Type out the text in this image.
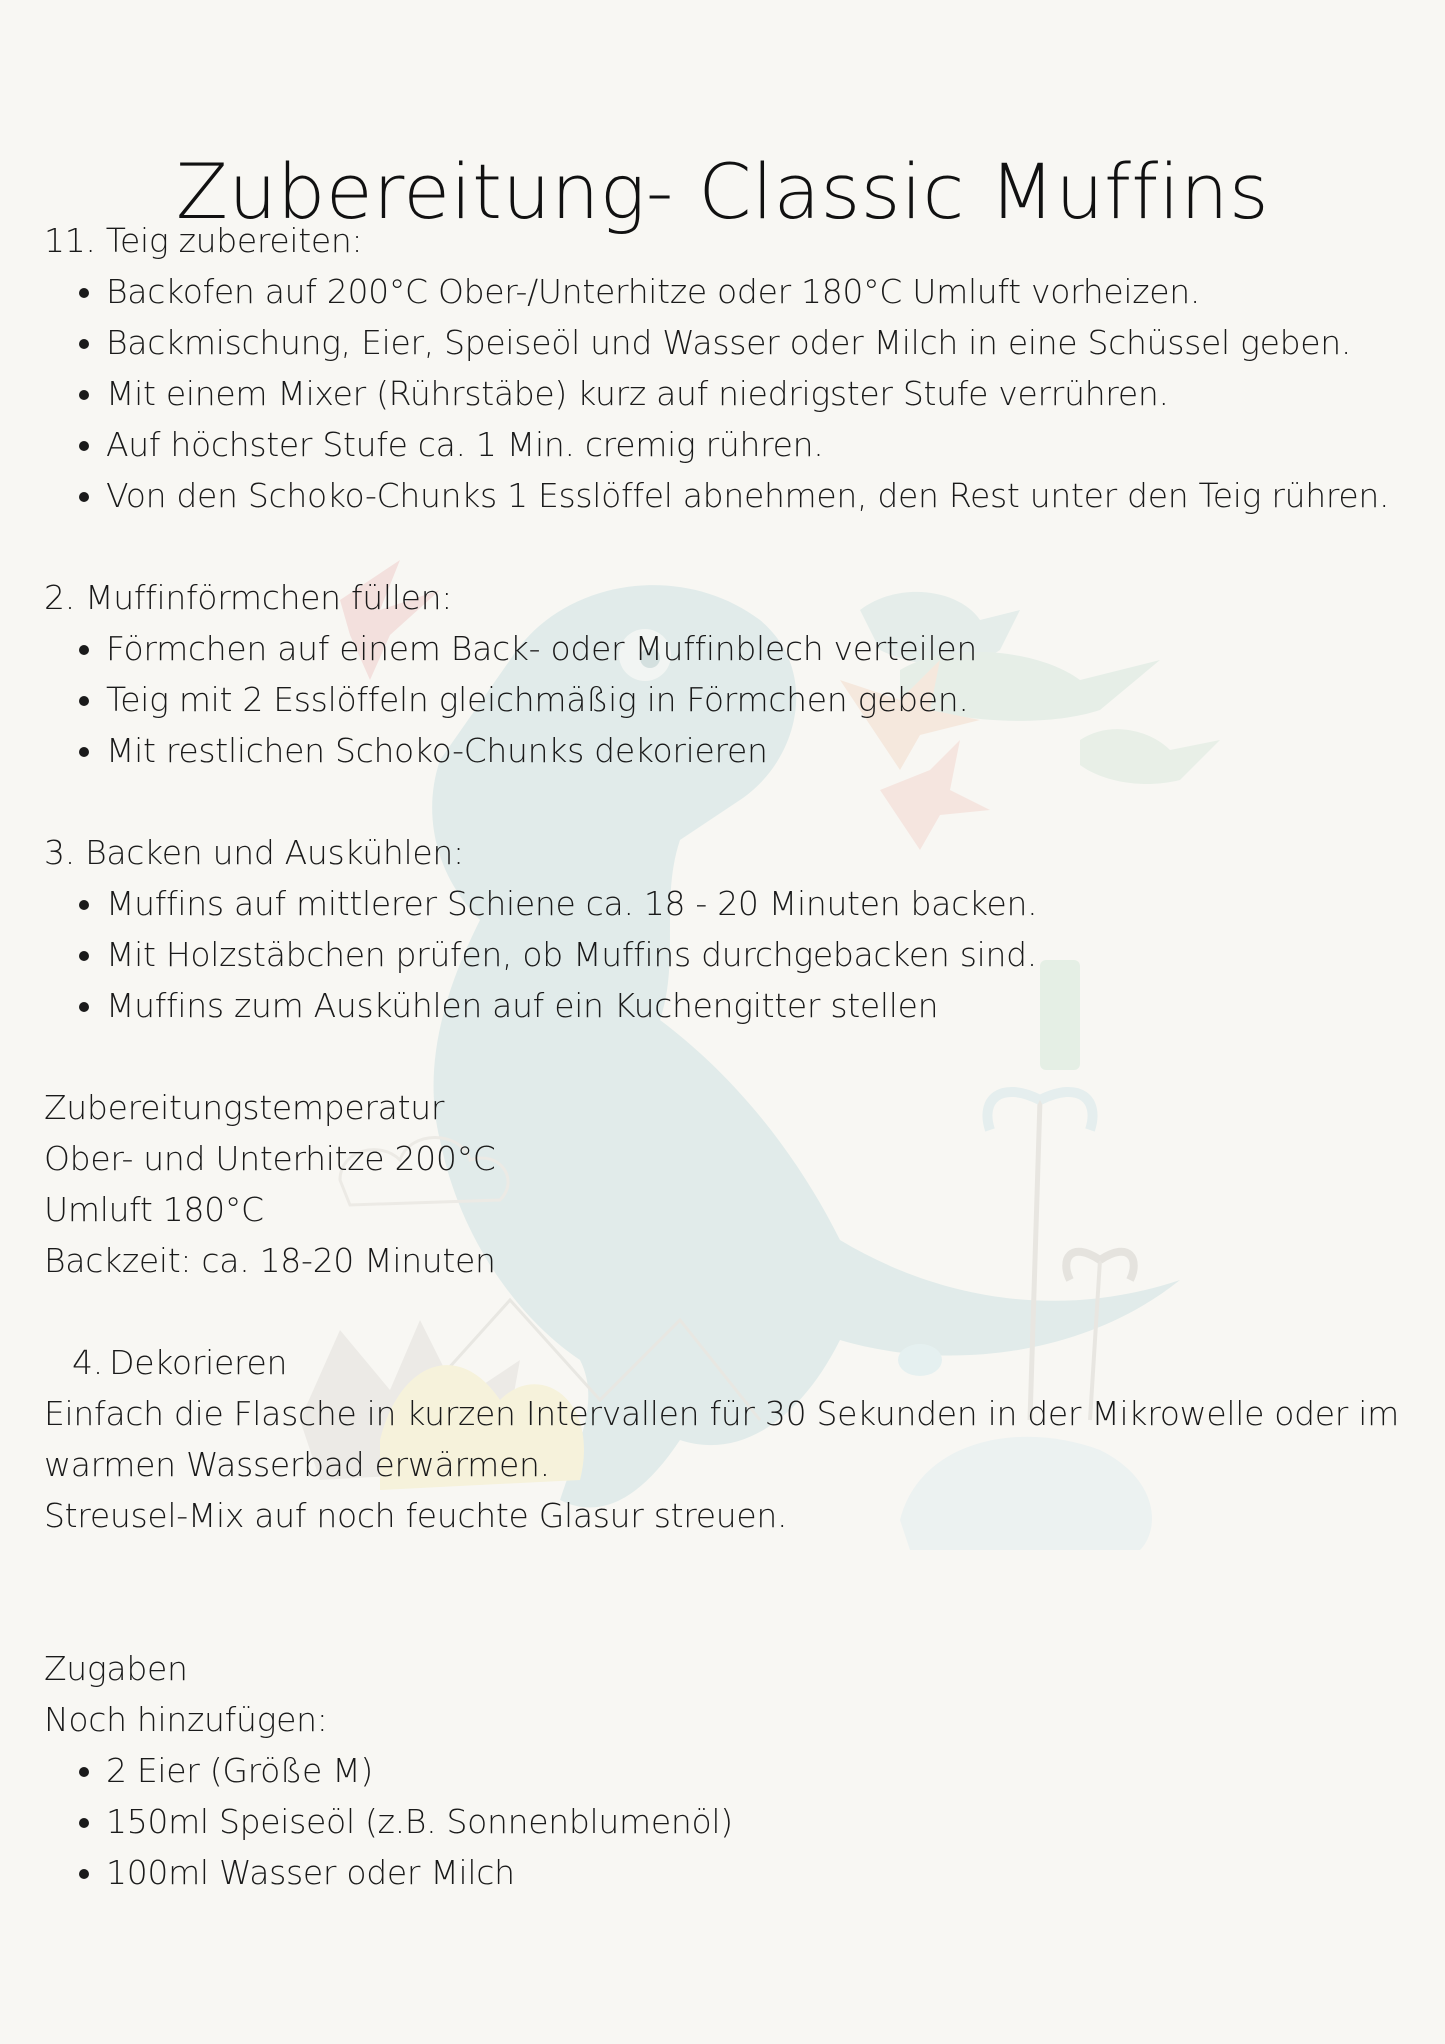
Zubereitung- Classic Muffins

11. Teig zubereiten:

• Backofen auf 200°C Ober-/Unterhitze oder 180°C Umluft vorheizen.
• Backmischung, Eier, Speiseöl und Wasser oder Milch in eine Schüssel geben.
• Mit einem Mixer (Rührstäbe) kurz auf niedrigster Stufe verrühren.
• Auf höchster Stufe ca. 1 Min. cremig rühren.
• Von den Schoko-Chunks 1 Esslöffel abnehmen, den Rest unter den Teig rühren.

2. Muffinförmchen füllen:

• Förmchen auf einem Back- oder Muffinblech verteilen
• Teig mit 2 Esslöffeln gleichmäßig in Förmchen geben.
• Mit restlichen Schoko-Chunks dekorieren

3. Backen und Auskühlen:

• Muffins auf mittlerer Schiene ca. 18 - 20 Minuten backen.
• Mit Holzstäbchen prüfen, ob Muffins durchgebacken sind.
• Muffins zum Auskühlen auf ein Kuchengitter stellen

Zubereitungstemperatur

Ober- und Unterhitze 200°C

Umluft 180°C

Backzeit: ca. 18-20 Minuten

4. Dekorieren

Einfach die Flasche in kurzen Intervallen für 30 Sekunden in der Mikrowelle oder im warmen Wasserbad erwärmen.

Streusel-Mix auf noch feuchte Glasur streuen.

Zugaben

Noch hinzufügen:

• 2 Eier (Größe M)
• 150ml Speiseöl (z.B. Sonnenblumenöl)
• 100ml Wasser oder Milch
